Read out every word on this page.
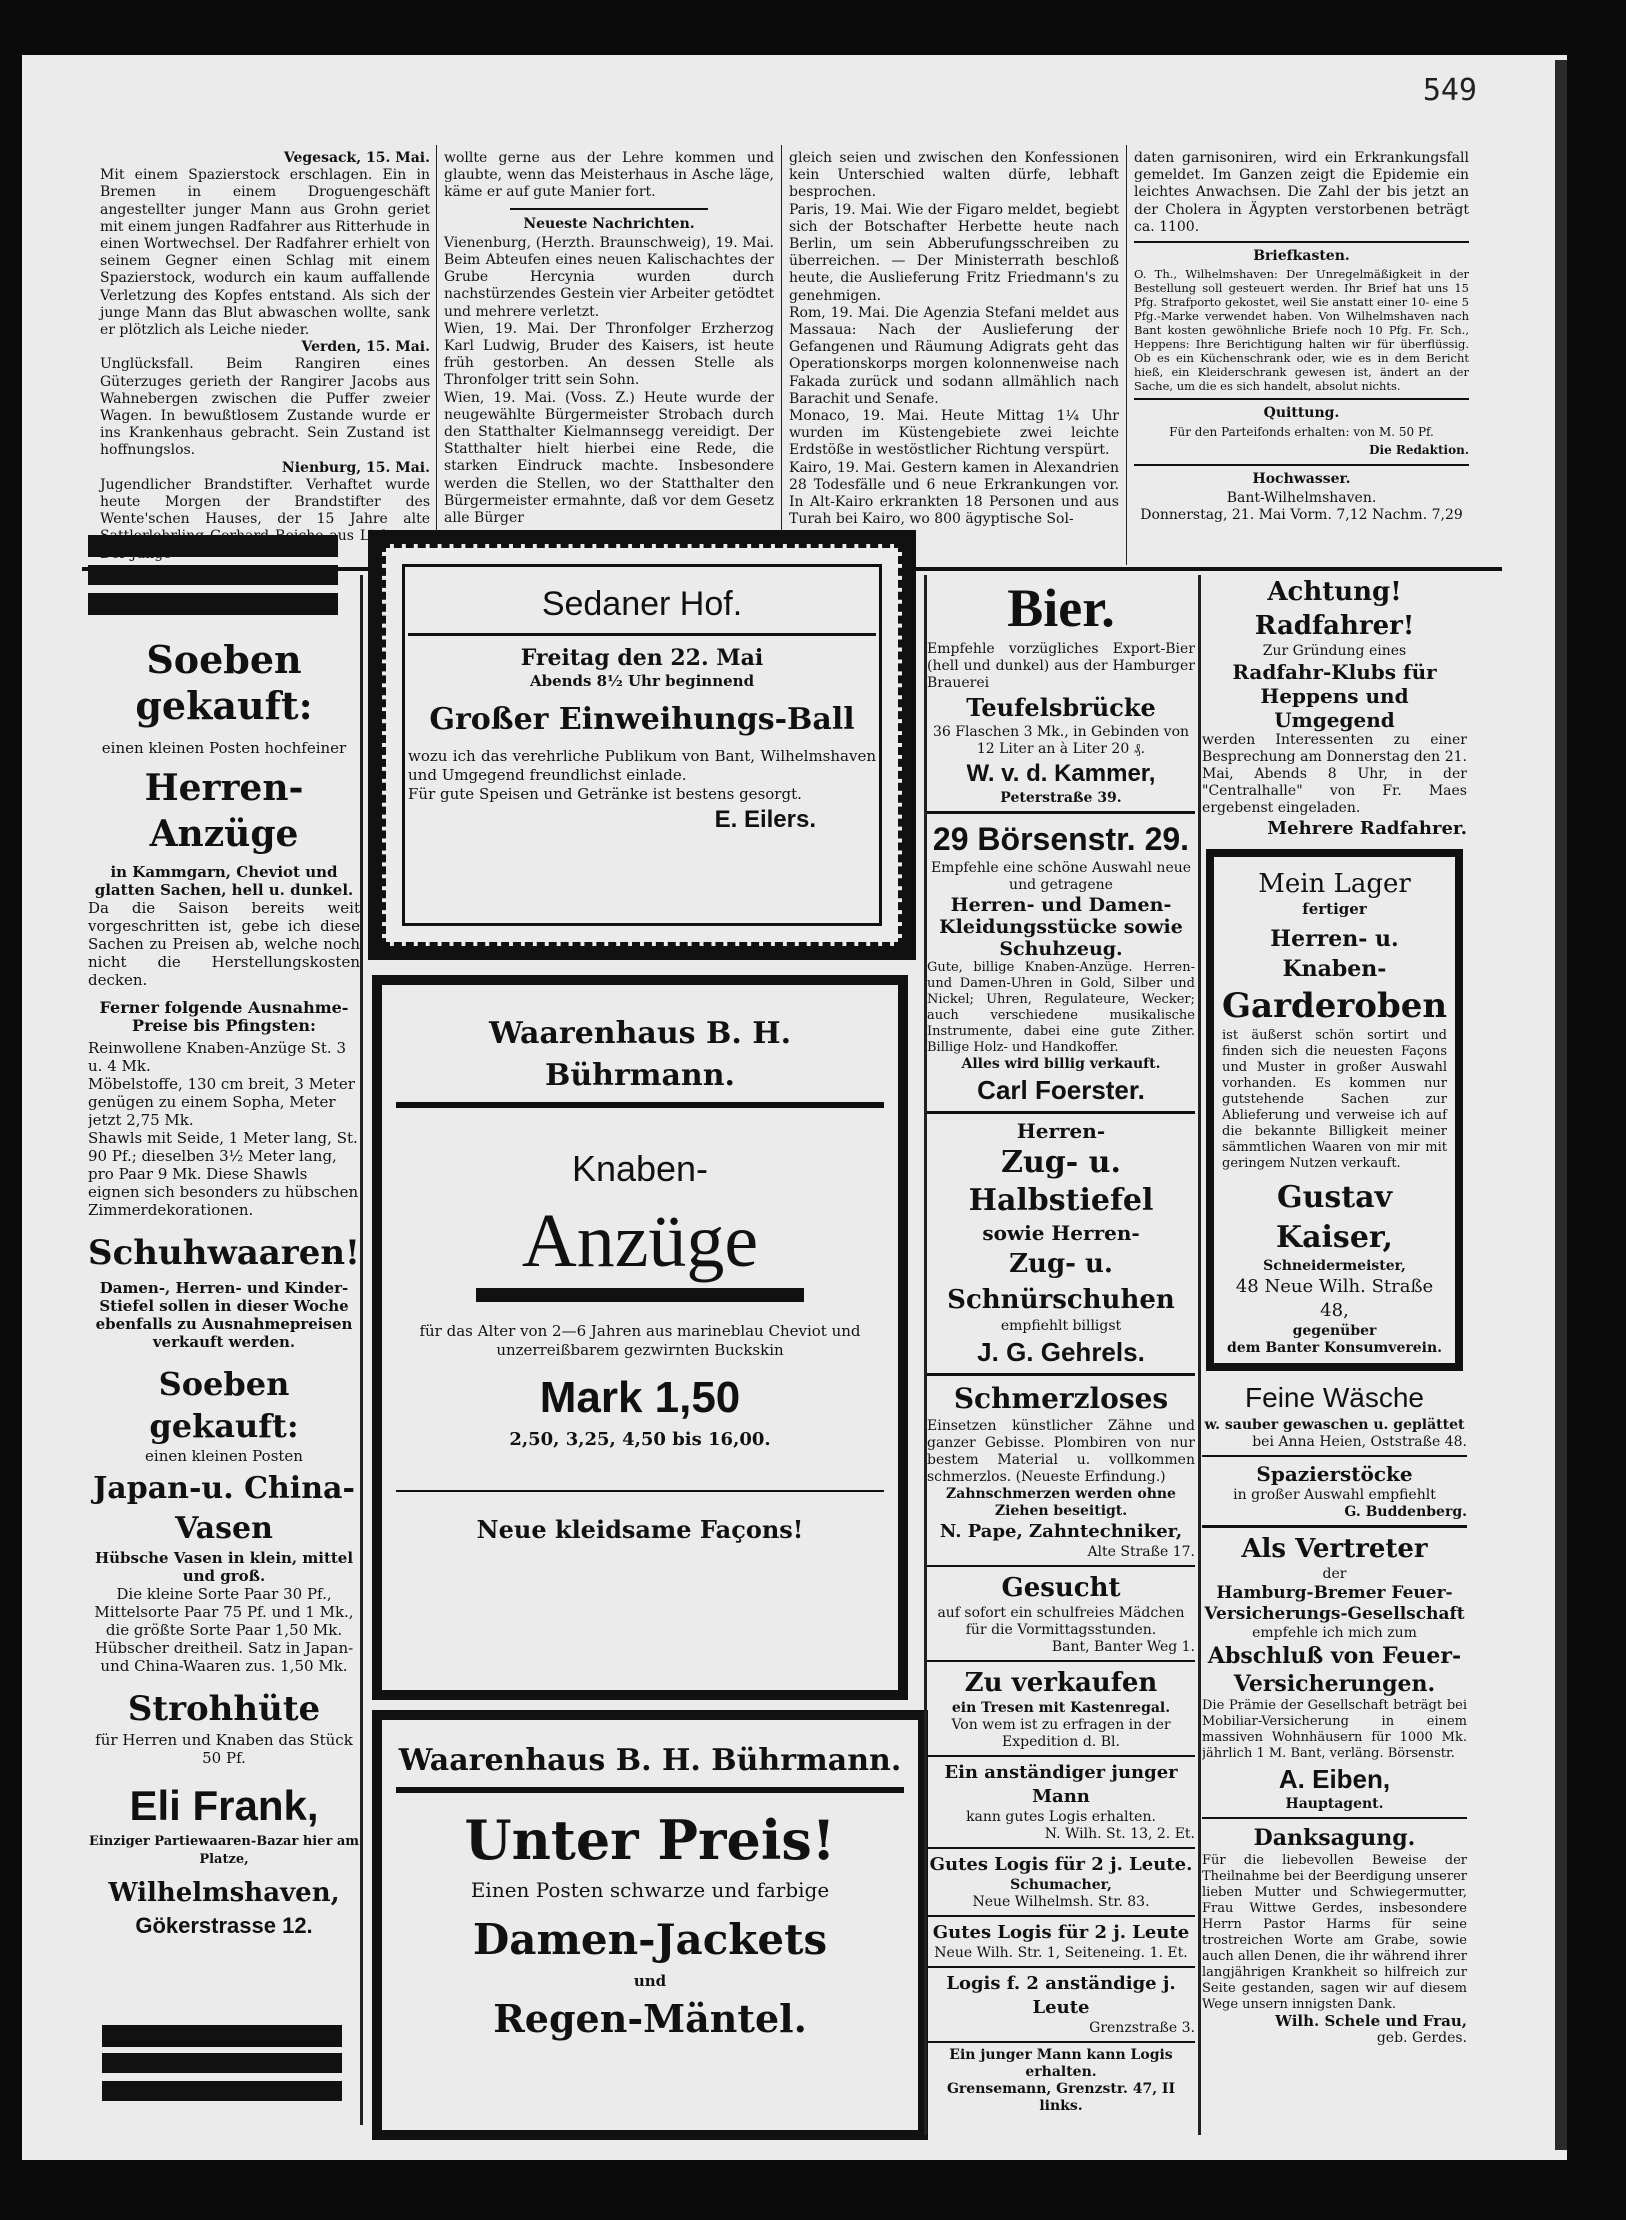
549

Vegesack, 15. Mai.

Mit einem Spazierstock erschlagen. Ein in Bremen in einem Droguengeschäft angestellter junger Mann aus Grohn geriet mit einem jungen Radfahrer aus Ritterhude in einen Wortwechsel. Der Radfahrer erhielt von seinem Gegner einen Schlag mit einem Spazierstock, wodurch ein kaum auffallende Verletzung des Kopfes entstand. Als sich der junge Mann das Blut abwaschen wollte, sank er plötzlich als Leiche nieder.

Verden, 15. Mai.

Unglücksfall. Beim Rangiren eines Güterzuges gerieth der Rangirer Jacobs aus Wahnebergen zwischen die Puffer zweier Wagen. In bewußtlosem Zustande wurde er ins Krankenhaus gebracht. Sein Zustand ist hoffnungslos.

Nienburg, 15. Mai.

Jugendlicher Brandstifter. Verhaftet wurde heute Morgen der Brandstifter des Wente'schen Hauses, der 15 Jahre alte aus

wollte gerne aus der Lehre kommen und glaubte, wenn das Meisterhaus in Asche läge, käme er auf gute Manier fort.

Neueste Nachrichten.

Vienenburg, (Herzth. Braunschweig), 19. Mai. Beim Abteufen eines neuen Kalischachtes der Grube Hercynia wurden durch nachstürzendes Gestein vier Arbeiter getödtet und mehrere verletzt.

Wien, 19. Mai. Der Thronfolger Erzherzog Karl Ludwig, Bruder des Kaisers, ist heute früh gestorben. An dessen Stelle als Thronfolger tritt sein Sohn.

Wien, 19. Mai. (Voss. Z.) Heute wurde der neugewählte Bürgermeister Strobach durch den Statthalter Kielmannsegg vereidigt. Der Statthalter hielt hierbei eine Rede, die starken Eindruck machte. Insbesondere werden die Stellen, wo der Statthalter den Bürgermeister ermahnte, daß vor dem Gesetz alle Bürger

gleich seien und zwischen den Konfessionen kein Unterschied walten dürfe, lebhaft besprochen.

Paris, 19. Mai. Wie der Figaro meldet, begiebt sich der Botschafter Herbette heute nach Berlin, um sein Abberufungsschreiben zu überreichen. — Der Ministerrath beschloß heute, die Auslieferung Fritz Friedmann's zu genehmigen.

Rom, 19. Mai. Die Agenzia Stefani meldet aus Massaua: Nach der Auslieferung der Gefangenen und Räumung Adigrats geht das Operationskorps morgen kolonnenweise nach Fakada zurück und sodann allmählich nach Barachit und Senafe.

Monaco, 19. Mai. Heute Mittag 1¼ Uhr wurden im Küstengebiete zwei leichte Erdstöße in westöstlicher Richtung verspürt.

Kairo, 19. Mai. Gestern kamen in Alexandrien 28 Todesfälle und 6 neue Erkrankungen vor. In Alt-Kairo erkrankten 18 Personen und aus Turah bei Kairo, wo 800 ägyptische Sol-

daten garnisoniren, wird ein Erkrankungsfall gemeldet. Im Ganzen zeigt die Epidemie ein leichtes Anwachsen. Die Zahl der bis jetzt an der Cholera in Ägypten verstorbenen beträgt ca. 1100.

Briefkasten.

O. Th., Wilhelmshaven: Der Unregelmäßigkeit in der Bestellung soll gesteuert werden. Ihr Brief hat uns 15 Pfg. Strafporto gekostet, weil Sie anstatt einer 10- eine 5 Pfg.-Marke verwendet haben. Von Wilhelmshaven nach Bant kosten gewöhnliche Briefe noch 10 Pfg. Fr. Sch., Heppens: Ihre Berichtigung halten wir für überflüssig. Ob es ein Küchenschrank oder, wie es in dem Bericht hieß, ein Kleiderschrank gewesen ist, ändert an der Sache, um die es sich handelt, absolut nichts.

Quittung.

Für den Parteifonds erhalten: von M. 50 Pf.

Die Redaktion.

Hochwasser.

Bant-Wilhelmshaven.

Donnerstag, 21. Mai Vorm. 7,12 Nachm. 7,29

Soeben gekauft:
einen kleinen Posten hochfeiner
Herren-Anzüge
in Kammgarn, Cheviot und glatten Sachen, hell u. dunkel.
Da die Saison bereits weit vorgeschritten ist, gebe ich diese Sachen zu Preisen ab, welche noch nicht die Herstellungskosten decken.
Ferner folgende Ausnahme-Preise bis Pfingsten:
Reinwollene Knaben-Anzüge St. 3 u. 4 Mk.
Möbelstoffe, 130 cm breit, 3 Meter genügen zu einem Sopha, Meter jetzt 2,75 Mk.
Shawls mit Seide, 1 Meter lang, St. 90 Pf.; dieselben 3½ Meter lang, pro Paar 9 Mk. Diese Shawls eignen sich besonders zu hübschen Zimmerdekorationen.
Schuhwaaren!
Damen-, Herren- und Kinder-Stiefel sollen in dieser Woche ebenfalls zu Ausnahmepreisen verkauft werden.
Soeben gekauft:
einen kleinen Posten
Japan-u. China-Vasen
Hübsche Vasen in klein, mittel und groß.
Die kleine Sorte Paar 30 Pf., Mittelsorte Paar 75 Pf. und 1 Mk., die größte Sorte Paar 1,50 Mk. Hübscher dreitheil. Satz in Japan- und China-Waaren zus. 1,50 Mk.
Strohhüte
für Herren und Knaben das Stück 50 Pf.
Eli Frank,
Einziger Partiewaaren-Bazar hier am Platze,
Wilhelmshaven,
Gökerstrasse 12.
Sedaner Hof.
Freitag den 22. Mai
Abends 8½ Uhr beginnend
Großer Einweihungs-Ball
wozu ich das verehrliche Publikum von Bant, Wilhelmshaven und Umgegend freundlichst einlade.
Für gute Speisen und Getränke ist bestens gesorgt.
E. Eilers.
Waarenhaus B. H. Bührmann.
Knaben-
Anzüge
für das Alter von 2—6 Jahren aus marineblau Cheviot und unzerreißbarem gezwirnten Buckskin
Mark 1,50
2,50, 3,25, 4,50 bis 16,00.
Neue kleidsame Façons!
Waarenhaus B. H. Bührmann.
Unter Preis!
Einen Posten schwarze und farbige
Damen-Jackets
und
Regen-Mäntel.
Bier.
Empfehle vorzügliches Export-Bier (hell und dunkel) aus der Hamburger Brauerei
Teufelsbrücke
36 Flaschen 3 Mk., in Gebinden von 12 Liter an à Liter 20 ₰.
W. v. d. Kammer,
Peterstraße 39.
29 Börsenstr. 29.
Empfehle eine schöne Auswahl neue und getragene
Herren- und Damen-Kleidungsstücke sowie Schuhzeug.
Gute, billige Knaben-Anzüge. Herren- und Damen-Uhren in Gold, Silber und Nickel; Uhren, Regulateure, Wecker; auch verschiedene musikalische Instrumente, dabei eine gute Zither. Billige Holz- und Handkoffer.
Alles wird billig verkauft.
Carl Foerster.
Herren-
Zug- u. Halbstiefel
sowie Herren-
Zug- u. Schnürschuhen
empfiehlt billigst
J. G. Gehrels.
Schmerzloses
Einsetzen künstlicher Zähne und ganzer Gebisse. Plombiren von nur bestem Material u. vollkommen schmerzlos. (Neueste Erfindung.)
Zahnschmerzen werden ohne Ziehen beseitigt.
N. Pape, Zahntechniker,
Alte Straße 17.
Gesucht
auf sofort ein schulfreies Mädchen für die Vormittagsstunden.
Bant, Banter Weg 1.
Zu verkaufen
ein Tresen mit Kastenregal.
Von wem ist zu erfragen in der Expedition d. Bl.
Ein anständiger junger Mann
kann gutes Logis erhalten.
N. Wilh. St. 13, 2. Et.
Gutes Logis für 2 j. Leute.
Schumacher,
Neue Wilhelmsh. Str. 83.
Gutes Logis für 2 j. Leute
Neue Wilh. Str. 1, Seiteneing. 1. Et.
Logis f. 2 anständige j. Leute
Grenzstraße 3.
Ein junger Mann kann Logis erhalten.
Grensemann, Grenzstr. 47, II links.
Achtung! Radfahrer!
Zur Gründung eines
Radfahr-Klubs für Heppens und Umgegend
werden Interessenten zu einer Besprechung am Donnerstag den 21. Mai, Abends 8 Uhr, in der "Centralhalle" von Fr. Maes ergebenst eingeladen.
Mehrere Radfahrer.
Mein Lager
fertiger
Herren- u. Knaben-
Garderoben
ist äußerst schön sortirt und finden sich die neuesten Façons und Muster in großer Auswahl vorhanden. Es kommen nur gutstehende Sachen zur Ablieferung und verweise ich auf die bekannte Billigkeit meiner sämmtlichen Waaren von mir mit geringem Nutzen verkauft.
Gustav Kaiser,
Schneidermeister,
48 Neue Wilh. Straße 48,
gegenüber
dem Banter Konsumverein.
Feine Wäsche
w. sauber gewaschen u. geplättet
bei Anna Heien, Oststraße 48.
Spazierstöcke
in großer Auswahl empfiehlt
G. Buddenberg.
Als Vertreter
der
Hamburg-Bremer Feuer-Versicherungs-Gesellschaft
empfehle ich mich zum
Abschluß von Feuer-Versicherungen.
Die Prämie der Gesellschaft beträgt bei Mobiliar-Versicherung in einem massiven Wohnhäusern für 1000 Mk. jährlich 1 M. Bant, verläng. Börsenstr.
A. Eiben,
Hauptagent.
Danksagung.
Für die liebevollen Beweise der Theilnahme bei der Beerdigung unserer lieben Mutter und Schwiegermutter, Frau Wittwe Gerdes, insbesondere Herrn Pastor Harms für seine trostreichen Worte am Grabe, sowie auch allen Denen, die ihr während ihrer langjährigen Krankheit so hilfreich zur Seite gestanden, sagen wir auf diesem Wege unsern innigsten Dank.
Wilh. Schele und Frau,
geb. Gerdes.
